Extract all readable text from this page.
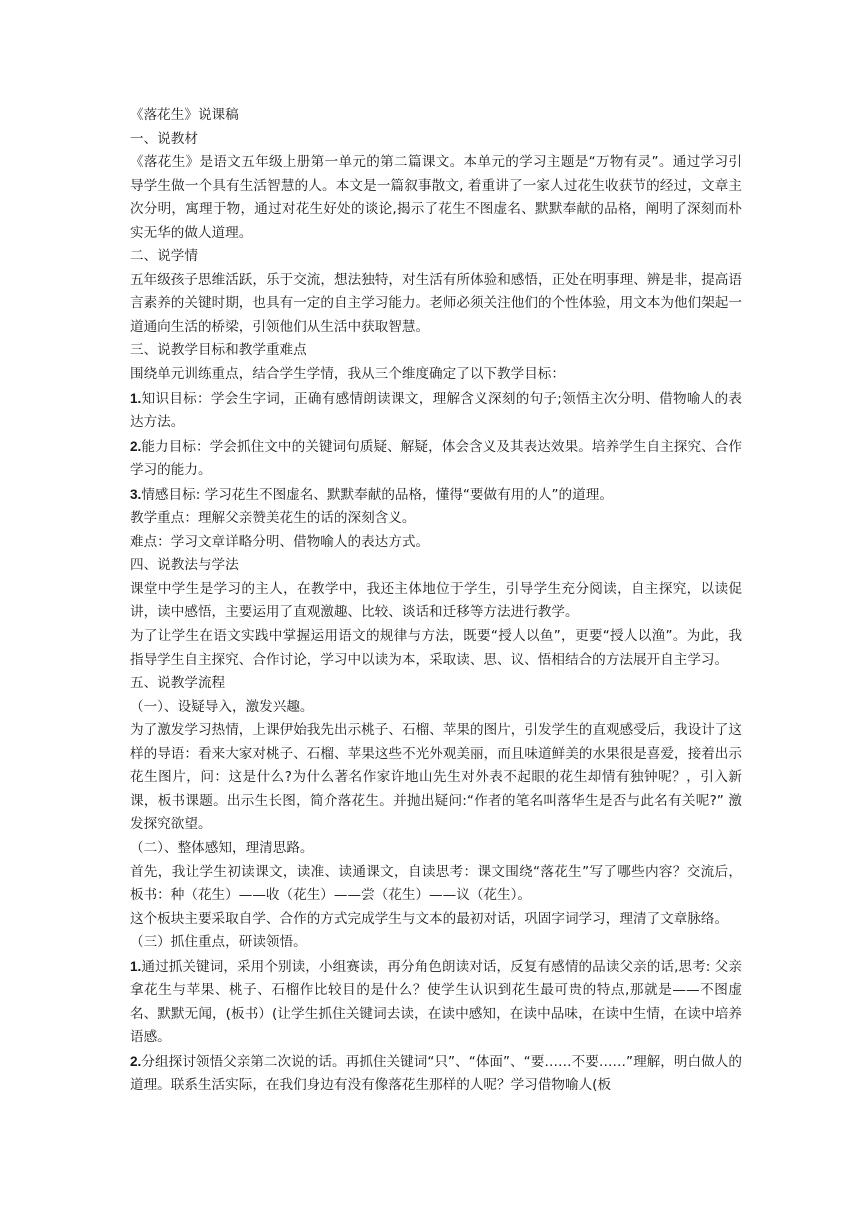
《落花生》说课稿

一、说教材

《落花生》是语文五年级上册第一单元的第二篇课文。本单元的学习主题是“万物有灵”。通过学习引导学生做一个具有生活智慧的人。本文是一篇叙事散文, 着重讲了一家人过花生收获节的经过，文章主次分明，寓理于物，通过对花生好处的谈论,揭示了花生不图虚名、默默奉献的品格，阐明了深刻而朴实无华的做人道理。

二、说学情

五年级孩子思维活跃，乐于交流，想法独特，对生活有所体验和感悟，正处在明事理、辨是非，提高语言素养的关键时期，也具有一定的自主学习能力。老师必须关注他们的个性体验，用文本为他们架起一道通向生活的桥梁，引领他们从生活中获取智慧。

三、说教学目标和教学重难点

围绕单元训练重点，结合学生学情，我从三个维度确定了以下教学目标：

1.知识目标：学会生字词，正确有感情朗读课文，理解含义深刻的句子;领悟主次分明、借物喻人的表达方法。

2.能力目标：学会抓住文中的关键词句质疑、解疑，体会含义及其表达效果。培养学生自主探究、合作学习的能力。

3.情感目标: 学习花生不图虚名、默默奉献的品格，懂得“要做有用的人”的道理。

教学重点：理解父亲赞美花生的话的深刻含义。

难点：学习文章详略分明、借物喻人的表达方式。

四、说教法与学法

课堂中学生是学习的主人，在教学中，我还主体地位于学生，引导学生充分阅读，自主探究，以读促讲，读中感悟，主要运用了直观激趣、比较、谈话和迁移等方法进行教学。

为了让学生在语文实践中掌握运用语文的规律与方法，既要“授人以鱼”，更要“授人以渔”。为此，我指导学生自主探究、合作讨论，学习中以读为本，采取读、思、议、悟相结合的方法展开自主学习。

五、说教学流程

（一）、设疑导入，激发兴趣。

为了激发学习热情，上课伊始我先出示桃子、石榴、苹果的图片，引发学生的直观感受后，我设计了这样的导语：看来大家对桃子、石榴、苹果这些不光外观美丽，而且味道鲜美的水果很是喜爱，接着出示花生图片，问：这是什么?为什么著名作家许地山先生对外表不起眼的花生却情有独钟呢？，引入新课，板书课题。出示生长图，简介落花生。并抛出疑问:“作者的笔名叫落华生是否与此名有关呢?” 激发探究欲望。

（二）、整体感知，理清思路。

首先，我让学生初读课文，读准、读通课文，自读思考：课文围绕“落花生”写了哪些内容？交流后，板书：种（花生）——收（花生）——尝（花生）——议（花生）。

这个板块主要采取自学、合作的方式完成学生与文本的最初对话，巩固字词学习，理清了文章脉络。

（三）抓住重点，研读领悟。

1.通过抓关键词，采用个别读，小组赛读，再分角色朗读对话，反复有感情的品读父亲的话,思考: 父亲拿花生与苹果、桃子、石榴作比较目的是什么？使学生认识到花生最可贵的特点,那就是——不图虚名、默默无闻，(板书）(让学生抓住关键词去读，在读中感知，在读中品味，在读中生情，在读中培养语感。

2.分组探讨领悟父亲第二次说的话。再抓住关键词“只”、“体面”、“要……不要……”理解，明白做人的道理。联系生活实际，在我们身边有没有像落花生那样的人呢？学习借物喻人(板
